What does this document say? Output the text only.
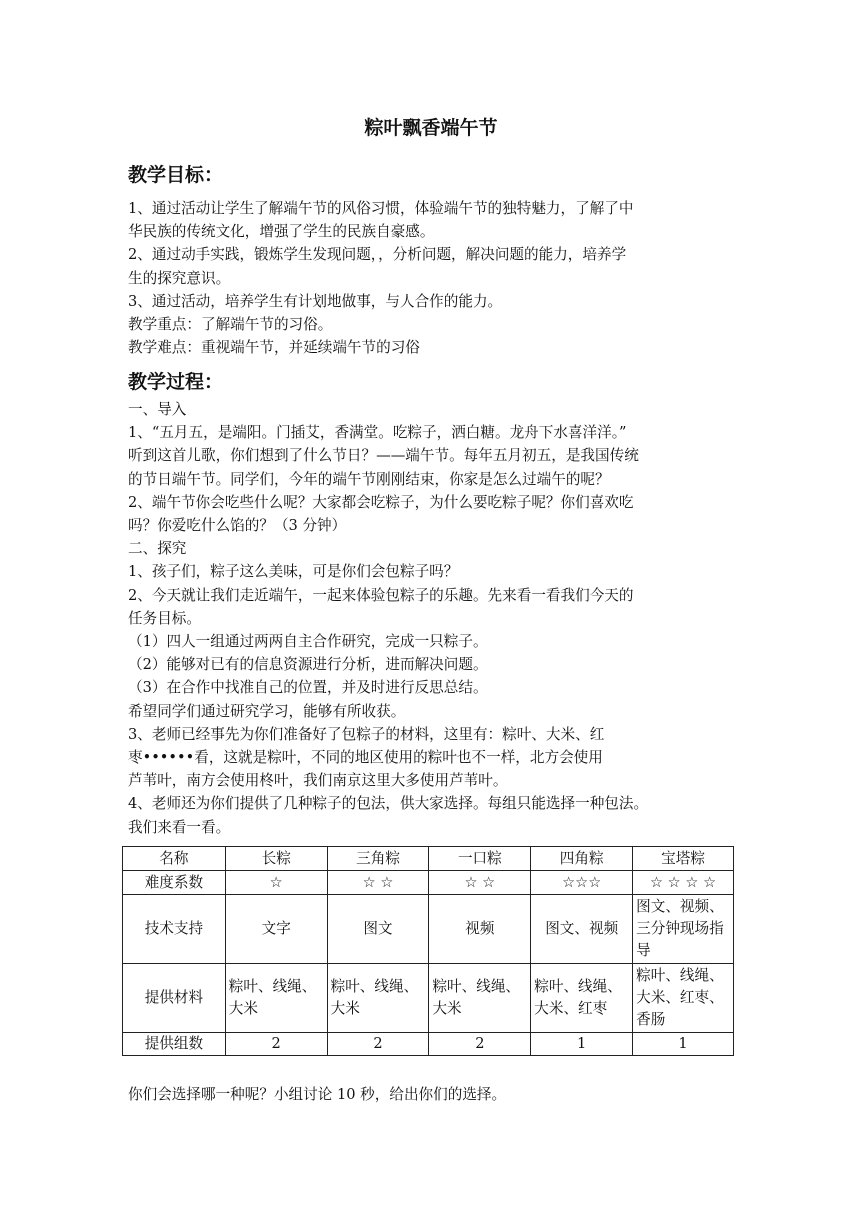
粽叶飘香端午节
教学目标：

1、通过活动让学生了解端午节的风俗习惯，体验端午节的独特魅力，了解了中

华民族的传统文化，增强了学生的民族自豪感。

2、通过动手实践，锻炼学生发现问题，，分析问题，解决问题的能力，培养学

生的探究意识。

3、通过活动，培养学生有计划地做事，与人合作的能力。

教学重点：了解端午节的习俗。

教学难点：重视端午节，并延续端午节的习俗

教学过程：

一、导入

1、“五月五，是端阳。门插艾，香满堂。吃粽子，洒白糖。龙舟下水喜洋洋。”

听到这首儿歌，你们想到了什么节日？——端午节。每年五月初五，是我国传统

的节日端午节。同学们，今年的端午节刚刚结束，你家是怎么过端午的呢？

2、端午节你会吃些什么呢？大家都会吃粽子，为什么要吃粽子呢？你们喜欢吃

吗？你爱吃什么馅的？（3 分钟）

二、探究

1、孩子们，粽子这么美味，可是你们会包粽子吗？

2、今天就让我们走近端午，一起来体验包粽子的乐趣。先来看一看我们今天的

任务目标。

（1）四人一组通过两两自主合作研究，完成一只粽子。

（2）能够对已有的信息资源进行分析，进而解决问题。

（3）在合作中找准自己的位置，并及时进行反思总结。

希望同学们通过研究学习，能够有所收获。

3、老师已经事先为你们准备好了包粽子的材料，这里有：粽叶、大米、红

枣••••••看，这就是粽叶，不同的地区使用的粽叶也不一样，北方会使用

芦苇叶，南方会使用柊叶，我们南京这里大多使用芦苇叶。

4、老师还为你们提供了几种粽子的包法，供大家选择。每组只能选择一种包法。

我们来看一看。

名称	长粽	三角粽	一口粽	四角粽	宝塔粽
难度系数	☆	☆ ☆	☆ ☆	☆☆☆	☆ ☆ ☆ ☆
技术支持	文字	图文	视频	图文、视频	图文、视频、三分钟现场指导
提供材料	粽叶、线绳、大米	粽叶、线绳、大米	粽叶、线绳、大米	粽叶、线绳、大米、红枣	粽叶、线绳、大米、红枣、香肠
提供组数	2	2	2	1	1
你们会选择哪一种呢？小组讨论 10 秒，给出你们的选择。
